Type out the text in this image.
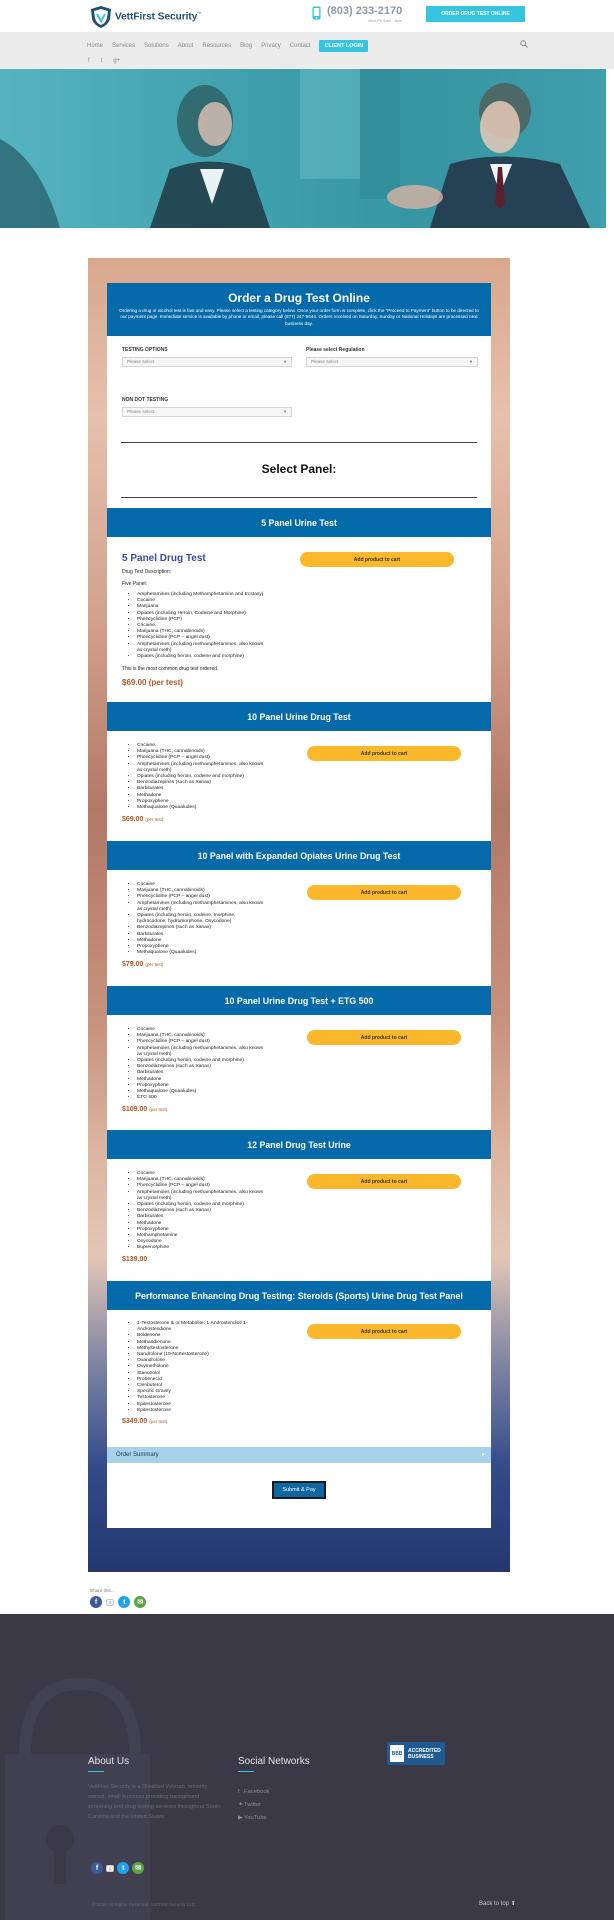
VettFirst Security™	(803) 233-2170
Mon-Fri 9am - 6pm
ORDER DRUG TEST ONLINE
Home Services Solutions About Resources Blog Privacy Contact	CLIENT LOGIN
f t g+
Order a Drug Test Online
Ordering a drug or alcohol test is fast and easy. Please select a testing category below. Once your order form is complete, click the "Proceed to Payment" button to be directed to our payment page. Immediate service is available by phone or email, please call (877) 247-9644. Orders received on Saturday, Sunday or National Holidays are processed next business day.
TESTING OPTIONS
Please select	▼
Please select Regulation
Please select	▼
NON DOT TESTING
Please select	▼
Select Panel:
5 Panel Urine Test
5 Panel Drug Test	Add product to cart
Drug Test Description:
Five Panel:
• Amphetamines (including Methamphetamine and Ecstasy)
• Cocaine
• Marijuana
• Opiates (including Heroin, Codeine and Morphine)
• Phencyclidine (PCP)
• Cocaine
• Marijuana (THC, cannabinoids)
• Phencyclidine (PCP – angel dust)
• Amphetamines (including methamphetamines, also known
as crystal meth)
• Opiates (including heroin, codeine and morphine)
This is the most common drug test ordered.
$69.00 (per test)
10 Panel Urine Drug Test
Add product to cart
• Cocaine
• Marijuana (THC, cannabinoids)
• Phencyclidine (PCP – angel dust)
• Amphetamines (including methamphetamines, also known
as crystal meth)
• Opiates (including heroin, codeine and morphine)
• Benzodiazepines (such as Xanax)
• Barbiturates
• Methadone
• Propoxyphene
• Methaqualone (Quaaludes)
$69.00 (per test)
10 Panel with Expanded Opiates Urine Drug Test
Add product to cart
• Cocaine
• Marijuana (THC, cannabinoids)
• Phencyclidine (PCP – angel dust)
• Amphetamines (including methamphetamines, also known
as crystal meth)
• Opiates (including heroin, codeine, morphine,
hydrocodone, hydromorphone, Oxycodone)
• Benzodiazepines (such as Xanax)
• Barbiturates
• Methadone
• Propoxyphene
• Methaqualone (Quaaludes)
$79.00 (per test)
10 Panel Urine Drug Test + ETG 500
Add product to cart
• Cocaine
• Marijuana (THC, cannabinoids)
• Phencyclidine (PCP – angel dust)
• Amphetamines (including methamphetamines, also known
as crystal meth)
• Opiates (including heroin, codeine and morphine)
• Benzodiazepines (such as Xanax)
• Barbiturates
• Methadone
• Propoxyphene
• Methaqualone (Quaaludes)
• ETG 500
$109.00 (per test)
12 Panel Drug Test Urine
Add product to cart
• Cocaine
• Marijuana (THC, cannabinoids)
• Phencyclidine (PCP – angel dust)
• Amphetamines (including methamphetamines, also known
as crystal meth)
• Opiates (including heroin, codeine and morphine)
• Benzodiazepines (such as Xanax)
• Barbiturates
• Methadone
• Propoxyphene
• Methamphetamine
• Oxycodone
• Buprenorphine
$139.00
Performance Enhancing Drug Testing: Steroids (Sports) Urine Drug Test Panel
Add product to cart
• 1-Testosterone & or Metabolite: 1-Androstendiol/ 1-
Androstendione
• Boldenone
• Methandienone
• Methyltestosterone
• Nandrolone (19-Nortestosterone)
• Oxandrolone
• Oxymetholone
• Stanozolol
• Probenecid
• Clenbuterol
• Specific Gravity
• Testosterone
• Epitestosterone
• Epitestosterone
$349.00 (per test)
Order Summary	▸
Submit & Pay
Share this...
f	0	t	✉
About Us
VettFirst Security is a Disabled Veteran, minority owned, small business providing background screening and drug testing services throughout South Carolina and the United States.
Social Networks
f Facebook
✦Twitter
▶ YouTube
BBB	ACCREDITED
BUSINESS
f	0	t	✉
© 2016 All Rights Reserved. VettFirst Security LLC.	Back to top ⬆
